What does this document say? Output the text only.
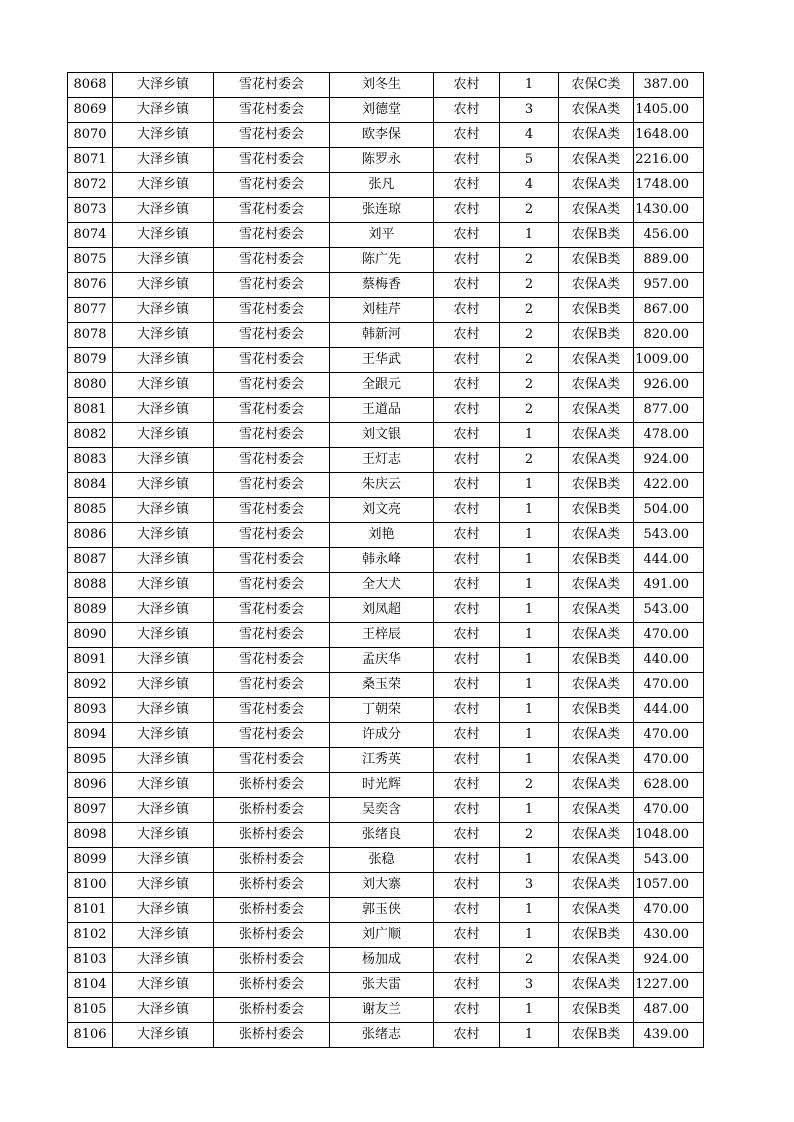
8068	大泽乡镇	雪花村委会	刘冬生	农村	1	农保C类	387.00
8069	大泽乡镇	雪花村委会	刘德堂	农村	3	农保A类	1405.00
8070	大泽乡镇	雪花村委会	欧李保	农村	4	农保A类	1648.00
8071	大泽乡镇	雪花村委会	陈罗永	农村	5	农保A类	2216.00
8072	大泽乡镇	雪花村委会	张凡	农村	4	农保A类	1748.00
8073	大泽乡镇	雪花村委会	张连琼	农村	2	农保A类	1430.00
8074	大泽乡镇	雪花村委会	刘平	农村	1	农保B类	456.00
8075	大泽乡镇	雪花村委会	陈广先	农村	2	农保B类	889.00
8076	大泽乡镇	雪花村委会	蔡梅香	农村	2	农保A类	957.00
8077	大泽乡镇	雪花村委会	刘桂芹	农村	2	农保B类	867.00
8078	大泽乡镇	雪花村委会	韩新河	农村	2	农保B类	820.00
8079	大泽乡镇	雪花村委会	王华武	农村	2	农保A类	1009.00
8080	大泽乡镇	雪花村委会	全跟元	农村	2	农保A类	926.00
8081	大泽乡镇	雪花村委会	王道品	农村	2	农保A类	877.00
8082	大泽乡镇	雪花村委会	刘文银	农村	1	农保A类	478.00
8083	大泽乡镇	雪花村委会	王灯志	农村	2	农保A类	924.00
8084	大泽乡镇	雪花村委会	朱庆云	农村	1	农保B类	422.00
8085	大泽乡镇	雪花村委会	刘文亮	农村	1	农保B类	504.00
8086	大泽乡镇	雪花村委会	刘艳	农村	1	农保A类	543.00
8087	大泽乡镇	雪花村委会	韩永峰	农村	1	农保B类	444.00
8088	大泽乡镇	雪花村委会	全大犬	农村	1	农保A类	491.00
8089	大泽乡镇	雪花村委会	刘凤超	农村	1	农保A类	543.00
8090	大泽乡镇	雪花村委会	王梓辰	农村	1	农保A类	470.00
8091	大泽乡镇	雪花村委会	孟庆华	农村	1	农保B类	440.00
8092	大泽乡镇	雪花村委会	桑玉荣	农村	1	农保A类	470.00
8093	大泽乡镇	雪花村委会	丁朝荣	农村	1	农保B类	444.00
8094	大泽乡镇	雪花村委会	许成分	农村	1	农保A类	470.00
8095	大泽乡镇	雪花村委会	江秀英	农村	1	农保A类	470.00
8096	大泽乡镇	张桥村委会	时光辉	农村	2	农保A类	628.00
8097	大泽乡镇	张桥村委会	吴奕含	农村	1	农保A类	470.00
8098	大泽乡镇	张桥村委会	张绪良	农村	2	农保A类	1048.00
8099	大泽乡镇	张桥村委会	张稳	农村	1	农保A类	543.00
8100	大泽乡镇	张桥村委会	刘大寨	农村	3	农保A类	1057.00
8101	大泽乡镇	张桥村委会	郭玉侠	农村	1	农保A类	470.00
8102	大泽乡镇	张桥村委会	刘广顺	农村	1	农保B类	430.00
8103	大泽乡镇	张桥村委会	杨加成	农村	2	农保A类	924.00
8104	大泽乡镇	张桥村委会	张夫雷	农村	3	农保A类	1227.00
8105	大泽乡镇	张桥村委会	谢友兰	农村	1	农保B类	487.00
8106	大泽乡镇	张桥村委会	张绪志	农村	1	农保B类	439.00
